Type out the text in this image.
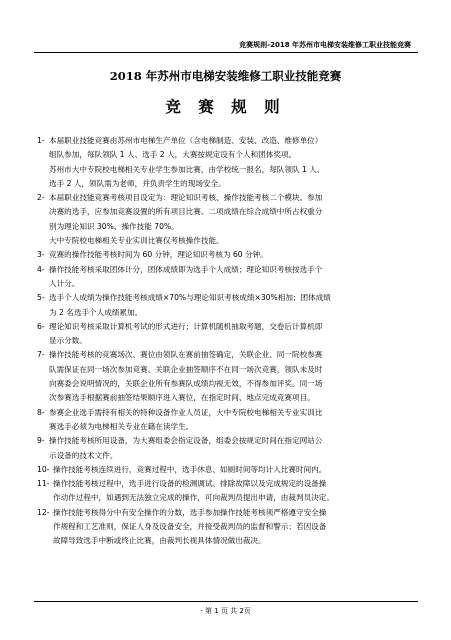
竞赛规则-2018 年苏州市电梯安装维修工职业技能竞赛
2018 年苏州市电梯安装维修工职业技能竞赛
竞 赛 规 则
1- 本届职业技能竞赛由苏州市电梯生产单位（含电梯制造、安装、改造、维修单位）
组队参加，每队领队 1 人、选手 2 人，大赛按规定设有个人和团体奖项。
苏州市大中专院校电梯相关专业学生参加比赛，由学校统一报名，每队领队 1 人、
选手 2 人，领队需为老师，并负责学生的现场安全。
2- 本届职业技能竞赛考核项目设定为：理论知识考核、操作技能考核二个模块。参加
决赛的选手，应参加竞赛设置的所有项目比赛。二项成绩在综合成绩中所占权重分
别为理论知识 30%、操作技能 70%。
大中专院校电梯相关专业实训比赛仅考核操作技能。
3- 竞赛的操作技能考核时间为 60 分钟，理论知识考核为 60 分钟。
4- 操作技能考核采取团体计分，团体成绩即为选手个人成绩；理论知识考核按选手个
人计分。
5- 选手个人成绩为操作技能考核成绩×70%与理论知识考核成绩×30%相加；团体成绩
为 2 名选手个人成绩累加。
6- 理论知识考核采取计算机考试的形式进行；计算机随机抽取考题，交卷后计算机即
显示分数。
7- 操作技能考核的竞赛场次、赛位由领队在赛前抽签确定，关联企业、同一院校参赛
队需保证在同一场次参加竞赛。关联企业抽签顺序不在同一场次竞赛，领队未及时
向赛委会说明情况的，关联企业所有参赛队成绩均视无效，不得参加评奖。同一场
次参赛选手根据赛前抽签结果顺序进入赛位，在指定时间、地点完成竞赛项目。
8- 参赛企业选手需持有相关的特种设备作业人员证，大中专院校电梯相关专业实训比
赛选手必须为电梯相关专业在籍在读学生。
9- 操作技能考核所用设备，为大赛组委会指定设备，组委会按规定时间在指定网站公
示设备的技术文件。
10- 操作技能考核连续进行，竞赛过程中，选手休息、如厕时间等均计入比赛时间内。
11- 操作技能考核过程中，选手进行设备的检测调试、排除故障以及完成规定的设备操
作动作过程中，如遇到无法独立完成的操作，可向裁判员提出申请，由裁判员决定。
12- 操作技能考核得分中有安全操作的分数，选手参加操作技能考核须严格遵守安全操
作规程和工艺准则，保证人身及设备安全，并接受裁判员的监督和警示；若因设备
故障导致选手中断或终止比赛，由裁判长视具体情况做出裁决。
- 第 1 页 共 2页
